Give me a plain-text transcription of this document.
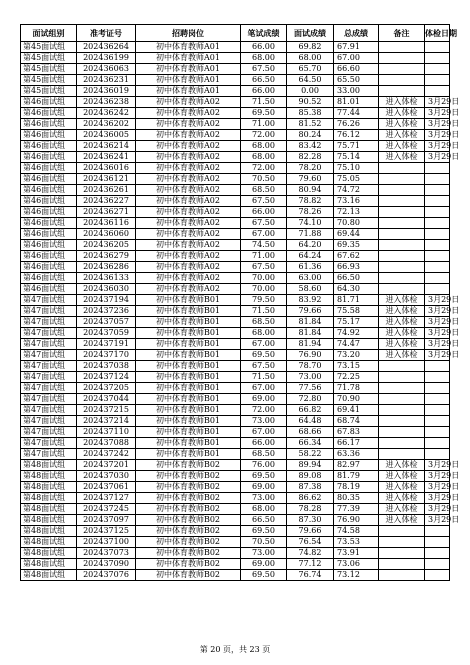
面试组别	准考证号	招聘岗位	笔试成绩	面试成绩	总成绩	备注	体检日期
第45面试组	202436264	初中体育教师A01	66.00	69.82	67.91		
第45面试组	202436199	初中体育教师A01	68.00	68.00	67.00		
第45面试组	202436063	初中体育教师A01	67.50	65.70	66.60		
第45面试组	202436231	初中体育教师A01	66.50	64.50	65.50		
第45面试组	202436019	初中体育教师A01	66.00	0.00	33.00		
第46面试组	202436238	初中体育教师A02	71.50	90.52	81.01	进入体检	3月29日
第46面试组	202436242	初中体育教师A02	69.50	85.38	77.44	进入体检	3月29日
第46面试组	202436202	初中体育教师A02	71.00	81.52	76.26	进入体检	3月29日
第46面试组	202436005	初中体育教师A02	72.00	80.24	76.12	进入体检	3月29日
第46面试组	202436214	初中体育教师A02	68.00	83.42	75.71	进入体检	3月29日
第46面试组	202436241	初中体育教师A02	68.00	82.28	75.14	进入体检	3月29日
第46面试组	202436016	初中体育教师A02	72.00	78.20	75.10		
第46面试组	202436121	初中体育教师A02	70.50	79.60	75.05		
第46面试组	202436261	初中体育教师A02	68.50	80.94	74.72		
第46面试组	202436227	初中体育教师A02	67.50	78.82	73.16		
第46面试组	202436271	初中体育教师A02	66.00	78.26	72.13		
第46面试组	202436116	初中体育教师A02	67.50	74.10	70.80		
第46面试组	202436060	初中体育教师A02	67.00	71.88	69.44		
第46面试组	202436205	初中体育教师A02	74.50	64.20	69.35		
第46面试组	202436279	初中体育教师A02	71.00	64.24	67.62		
第46面试组	202436286	初中体育教师A02	67.50	61.36	66.93		
第46面试组	202436133	初中体育教师A02	70.00	63.00	66.50		
第46面试组	202436030	初中体育教师A02	70.00	58.60	64.30		
第47面试组	202437194	初中体育教师B01	79.50	83.92	81.71	进入体检	3月29日
第47面试组	202437236	初中体育教师B01	71.50	79.66	75.58	进入体检	3月29日
第47面试组	202437057	初中体育教师B01	68.50	81.84	75.17	进入体检	3月29日
第47面试组	202437059	初中体育教师B01	68.00	81.84	74.92	进入体检	3月29日
第47面试组	202437191	初中体育教师B01	67.00	81.94	74.47	进入体检	3月29日
第47面试组	202437170	初中体育教师B01	69.50	76.90	73.20	进入体检	3月29日
第47面试组	202437038	初中体育教师B01	67.50	78.70	73.15		
第47面试组	202437124	初中体育教师B01	71.50	73.00	72.25		
第47面试组	202437205	初中体育教师B01	67.00	77.56	71.78		
第47面试组	202437044	初中体育教师B01	69.00	72.80	70.90		
第47面试组	202437215	初中体育教师B01	72.00	66.82	69.41		
第47面试组	202437214	初中体育教师B01	73.00	64.48	68.74		
第47面试组	202437110	初中体育教师B01	67.00	68.66	67.83		
第47面试组	202437088	初中体育教师B01	66.00	66.34	66.17		
第47面试组	202437242	初中体育教师B01	68.50	58.22	63.36		
第48面试组	202437201	初中体育教师B02	76.00	89.94	82.97	进入体检	3月29日
第48面试组	202437030	初中体育教师B02	69.50	89.08	81.79	进入体检	3月29日
第48面试组	202437061	初中体育教师B02	69.00	87.38	78.19	进入体检	3月29日
第48面试组	202437127	初中体育教师B02	73.00	86.62	80.35	进入体检	3月29日
第48面试组	202437245	初中体育教师B02	68.00	78.28	77.39	进入体检	3月29日
第48面试组	202437097	初中体育教师B02	66.50	87.30	76.90	进入体检	3月29日
第48面试组	202437125	初中体育教师B02	69.50	79.66	74.58		
第48面试组	202437100	初中体育教师B02	70.50	76.54	73.53		
第48面试组	202437073	初中体育教师B02	73.00	74.82	73.91		
第48面试组	202437090	初中体育教师B02	69.00	77.12	73.06		
第48面试组	202437076	初中体育教师B02	69.50	76.74	73.12		
第 20 页，共 23 页
